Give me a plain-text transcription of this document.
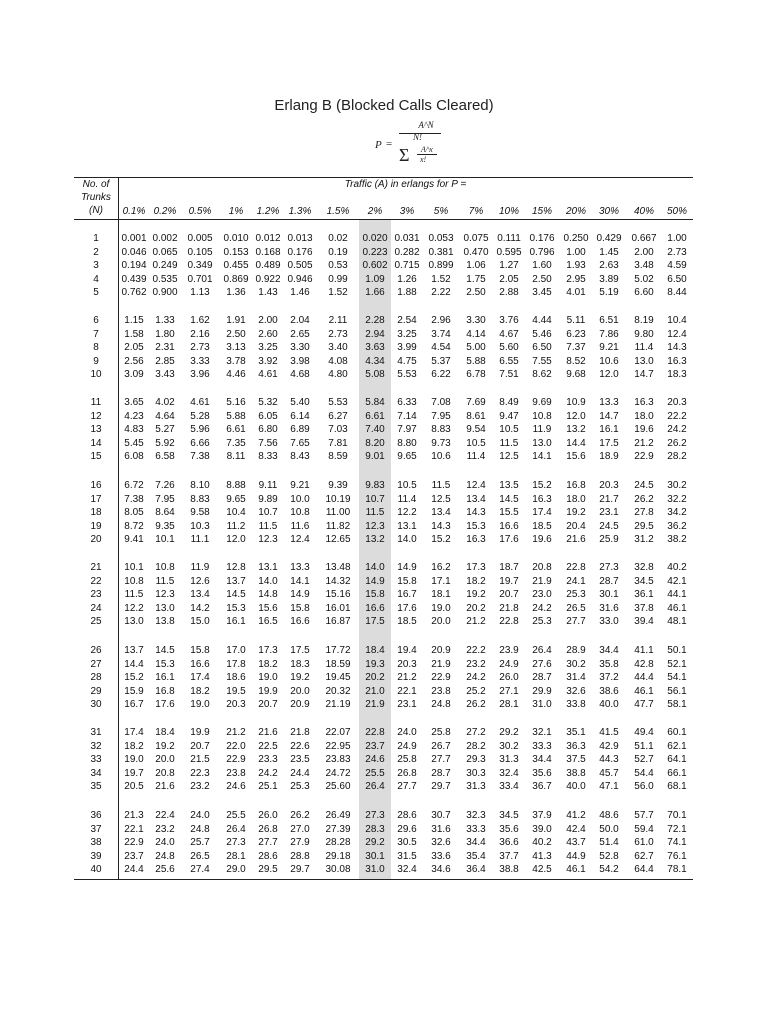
Erlang B (Blocked Calls Cleared)
P =
A^N
N!
Σ A^x
x!
No. of
Trunks
(N)
Traffic (A) in erlangs for P =
0.1% 0.2%	0.5%	1%	1.2% 1.3%	1.5%	2%	3%	5%	7%	10%	15%	20%	30%	40%	50%
1	0.001 0.002 0.005	0.010 0.012 0.013	0.02	0.020 0.031 0.053 0.075 0.111 0.176 0.250 0.429 0.667	1.00
2	0.046 0.065 0.105	0.153 0.168 0.176	0.19	0.223 0.282 0.381 0.470 0.595 0.796	1.00	1.45	2.00	2.73
3	0.194 0.249 0.349	0.455 0.489 0.505	0.53	0.602 0.715 0.899	1.06	1.27	1.60	1.93	2.63	3.48	4.59
4	0.439 0.535 0.701	0.869 0.922 0.946	0.99	1.09	1.26	1.52	1.75	2.05	2.50	2.95	3.89	5.02	6.50
5	0.762 0.900	1.13	1.36	1.43	1.46	1.52	1.66	1.88	2.22	2.50	2.88	3.45	4.01	5.19	6.60	8.44
6	1.15	1.33	1.62	1.91	2.00	2.04	2.11	2.28	2.54	2.96	3.30	3.76	4.44	5.11	6.51	8.19	10.4
7	1.58	1.80	2.16	2.50	2.60	2.65	2.73	2.94	3.25	3.74	4.14	4.67	5.46	6.23	7.86	9.80	12.4
8	2.05	2.31	2.73	3.13	3.25	3.30	3.40	3.63	3.99	4.54	5.00	5.60	6.50	7.37	9.21	11.4	14.3
9	2.56	2.85	3.33	3.78	3.92	3.98	4.08	4.34	4.75	5.37	5.88	6.55	7.55	8.52	10.6	13.0	16.3
10	3.09	3.43	3.96	4.46	4.61	4.68	4.80	5.08	5.53	6.22	6.78	7.51	8.62	9.68	12.0	14.7	18.3
11	3.65	4.02	4.61	5.16	5.32	5.40	5.53	5.84	6.33	7.08	7.69	8.49	9.69	10.9	13.3	16.3	20.3
12	4.23	4.64	5.28	5.88	6.05	6.14	6.27	6.61	7.14	7.95	8.61	9.47	10.8	12.0	14.7	18.0	22.2
13	4.83	5.27	5.96	6.61	6.80	6.89	7.03	7.40	7.97	8.83	9.54	10.5	11.9	13.2	16.1	19.6	24.2
14	5.45	5.92	6.66	7.35	7.56	7.65	7.81	8.20	8.80	9.73	10.5	11.5	13.0	14.4	17.5	21.2	26.2
15	6.08	6.58	7.38	8.11	8.33	8.43	8.59	9.01	9.65	10.6	11.4	12.5	14.1	15.6	18.9	22.9	28.2
16	6.72	7.26	8.10	8.88	9.11	9.21	9.39	9.83	10.5	11.5	12.4	13.5	15.2	16.8	20.3	24.5	30.2
17	7.38	7.95	8.83	9.65	9.89	10.0	10.19	10.7	11.4	12.5	13.4	14.5	16.3	18.0	21.7	26.2	32.2
18	8.05	8.64	9.58	10.4	10.7	10.8	11.00	11.5	12.2	13.4	14.3	15.5	17.4	19.2	23.1	27.8	34.2
19	8.72	9.35	10.3	11.2	11.5	11.6	11.82	12.3	13.1	14.3	15.3	16.6	18.5	20.4	24.5	29.5	36.2
20	9.41	10.1	11.1	12.0	12.3	12.4	12.65	13.2	14.0	15.2	16.3	17.6	19.6	21.6	25.9	31.2	38.2
21	10.1	10.8	11.9	12.8	13.1	13.3	13.48	14.0	14.9	16.2	17.3	18.7	20.8	22.8	27.3	32.8	40.2
22	10.8	11.5	12.6	13.7	14.0	14.1	14.32	14.9	15.8	17.1	18.2	19.7	21.9	24.1	28.7	34.5	42.1
23	11.5	12.3	13.4	14.5	14.8	14.9	15.16	15.8	16.7	18.1	19.2	20.7	23.0	25.3	30.1	36.1	44.1
24	12.2	13.0	14.2	15.3	15.6	15.8	16.01	16.6	17.6	19.0	20.2	21.8	24.2	26.5	31.6	37.8	46.1
25	13.0	13.8	15.0	16.1	16.5	16.6	16.87	17.5	18.5	20.0	21.2	22.8	25.3	27.7	33.0	39.4	48.1
26	13.7	14.5	15.8	17.0	17.3	17.5	17.72	18.4	19.4	20.9	22.2	23.9	26.4	28.9	34.4	41.1	50.1
27	14.4	15.3	16.6	17.8	18.2	18.3	18.59	19.3	20.3	21.9	23.2	24.9	27.6	30.2	35.8	42.8	52.1
28	15.2	16.1	17.4	18.6	19.0	19.2	19.45	20.2	21.2	22.9	24.2	26.0	28.7	31.4	37.2	44.4	54.1
29	15.9	16.8	18.2	19.5	19.9	20.0	20.32	21.0	22.1	23.8	25.2	27.1	29.9	32.6	38.6	46.1	56.1
30	16.7	17.6	19.0	20.3	20.7	20.9	21.19	21.9	23.1	24.8	26.2	28.1	31.0	33.8	40.0	47.7	58.1
31	17.4	18.4	19.9	21.2	21.6	21.8	22.07	22.8	24.0	25.8	27.2	29.2	32.1	35.1	41.5	49.4	60.1
32	18.2	19.2	20.7	22.0	22.5	22.6	22.95	23.7	24.9	26.7	28.2	30.2	33.3	36.3	42.9	51.1	62.1
33	19.0	20.0	21.5	22.9	23.3	23.5	23.83	24.6	25.8	27.7	29.3	31.3	34.4	37.5	44.3	52.7	64.1
34	19.7	20.8	22.3	23.8	24.2	24.4	24.72	25.5	26.8	28.7	30.3	32.4	35.6	38.8	45.7	54.4	66.1
35	20.5	21.6	23.2	24.6	25.1	25.3	25.60	26.4	27.7	29.7	31.3	33.4	36.7	40.0	47.1	56.0	68.1
36	21.3	22.4	24.0	25.5	26.0	26.2	26.49	27.3	28.6	30.7	32.3	34.5	37.9	41.2	48.6	57.7	70.1
37	22.1	23.2	24.8	26.4	26.8	27.0	27.39	28.3	29.6	31.6	33.3	35.6	39.0	42.4	50.0	59.4	72.1
38	22.9	24.0	25.7	27.3	27.7	27.9	28.28	29.2	30.5	32.6	34.4	36.6	40.2	43.7	51.4	61.0	74.1
39	23.7	24.8	26.5	28.1	28.6	28.8	29.18	30.1	31.5	33.6	35.4	37.7	41.3	44.9	52.8	62.7	76.1
40	24.4	25.6	27.4	29.0	29.5	29.7	30.08	31.0	32.4	34.6	36.4	38.8	42.5	46.1	54.2	64.4	78.1
